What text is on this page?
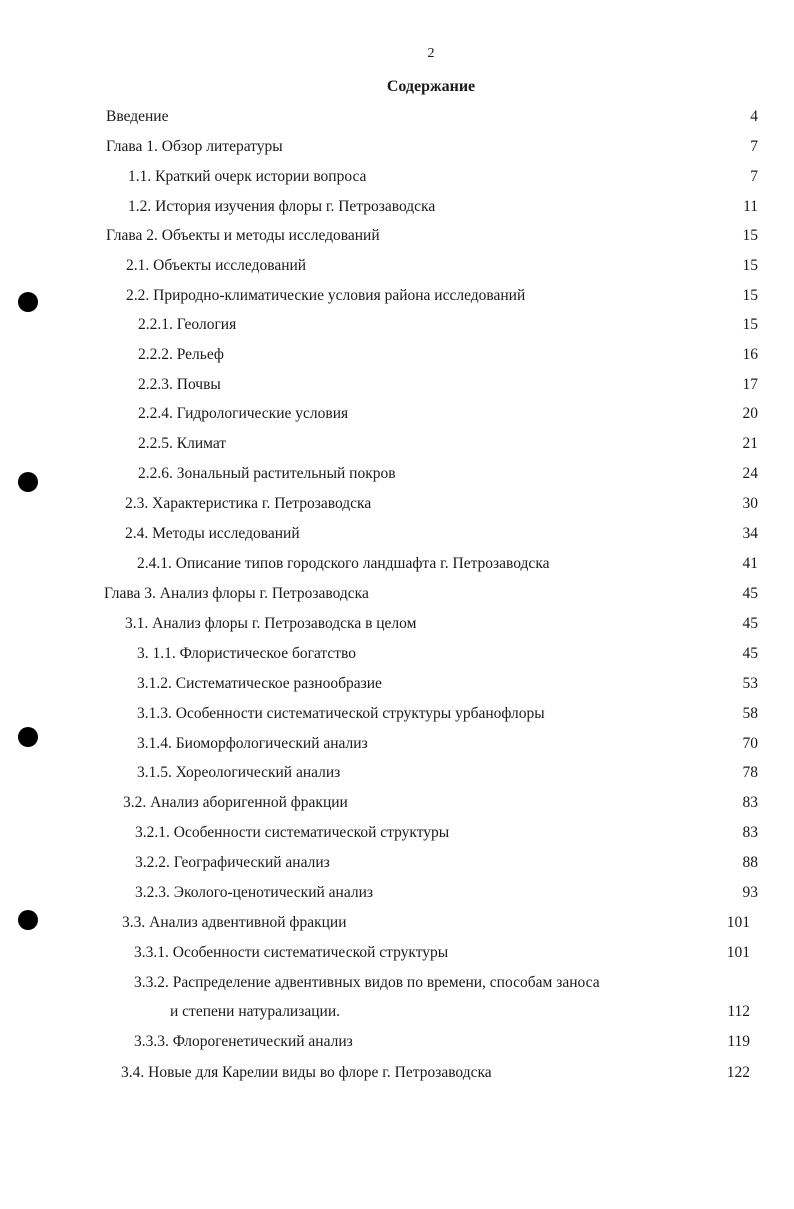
2
Содержание
Введение	4
Глава 1. Обзор литературы	7
1.1. Краткий очерк истории вопроса	7
1.2. История изучения флоры г. Петрозаводска	11
Глава 2. Объекты и методы исследований	15
2.1. Объекты исследований	15
2.2. Природно-климатические условия района исследований	15
2.2.1. Геология	15
2.2.2. Рельеф	16
2.2.3. Почвы	17
2.2.4. Гидрологические условия	20
2.2.5. Климат	21
2.2.6. Зональный растительный покров	24
2.3. Характеристика г. Петрозаводска	30
2.4. Методы исследований	34
2.4.1. Описание типов городского ландшафта г. Петрозаводска	41
Глава 3. Анализ флоры г. Петрозаводска	45
3.1. Анализ флоры г. Петрозаводска в целом	45
3. 1.1. Флористическое богатство	45
3.1.2. Систематическое разнообразие	53
3.1.3. Особенности систематической структуры урбанофлоры	58
3.1.4. Биоморфологический анализ	70
3.1.5. Хореологический анализ	78
3.2. Анализ аборигенной фракции	83
3.2.1. Особенности систематической структуры	83
3.2.2. Географический анализ	88
3.2.3. Эколого-ценотический анализ	93
3.3. Анализ адвентивной фракции	101
3.3.1. Особенности систематической структуры	101
3.3.2. Распределение адвентивных видов по времени, способам заноса
и степени натурализации.	112
3.3.3. Флорогенетический анализ	119
3.4. Новые для Карелии виды во флоре г. Петрозаводска	122
